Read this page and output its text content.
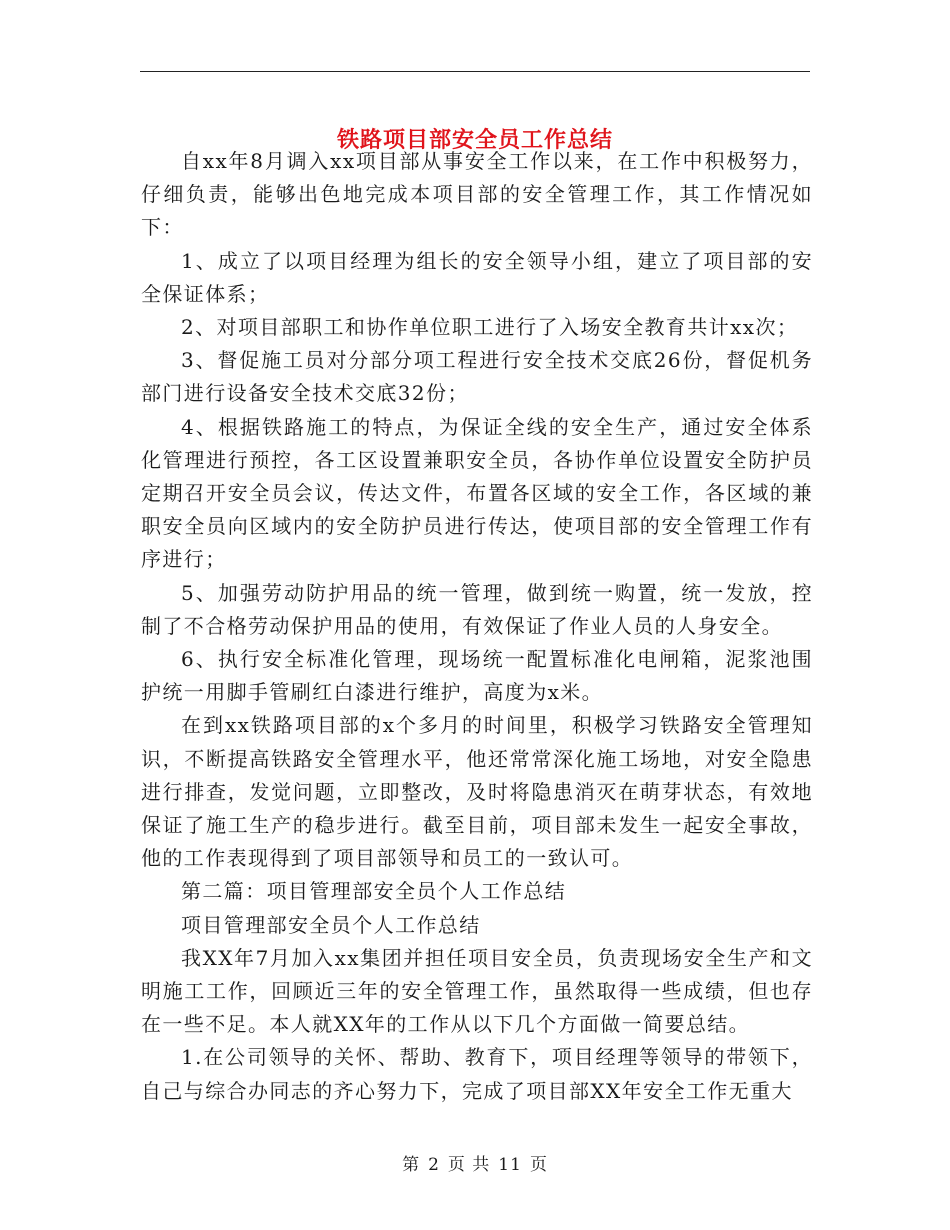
铁路项目部安全员工作总结

自xx年8月调入xx项目部从事安全工作以来，在工作中积极努力，仔细负责，能够出色地完成本项目部的安全管理工作，其工作情况如下：

1、成立了以项目经理为组长的安全领导小组，建立了项目部的安全保证体系；

2、对项目部职工和协作单位职工进行了入场安全教育共计xx次；

3、督促施工员对分部分项工程进行安全技术交底26份，督促机务部门进行设备安全技术交底32份；

4、根据铁路施工的特点，为保证全线的安全生产，通过安全体系化管理进行预控，各工区设置兼职安全员，各协作单位设置安全防护员定期召开安全员会议，传达文件，布置各区域的安全工作，各区域的兼职安全员向区域内的安全防护员进行传达，使项目部的安全管理工作有序进行；

5、加强劳动防护用品的统一管理，做到统一购置，统一发放，控制了不合格劳动保护用品的使用，有效保证了作业人员的人身安全。

6、执行安全标准化管理，现场统一配置标准化电闸箱，泥浆池围护统一用脚手管刷红白漆进行维护，高度为x米。

在到xx铁路项目部的x个多月的时间里，积极学习铁路安全管理知识，不断提高铁路安全管理水平，他还常常深化施工场地，对安全隐患进行排查，发觉问题，立即整改，及时将隐患消灭在萌芽状态，有效地保证了施工生产的稳步进行。截至目前，项目部未发生一起安全事故，他的工作表现得到了项目部领导和员工的一致认可。

第二篇：项目管理部安全员个人工作总结

项目管理部安全员个人工作总结

我XX年7月加入xx集团并担任项目安全员，负责现场安全生产和文明施工工作，回顾近三年的安全管理工作，虽然取得一些成绩，但也存在一些不足。本人就XX年的工作从以下几个方面做一简要总结。

1.在公司领导的关怀、帮助、教育下，项目经理等领导的带领下，自己与综合办同志的齐心努力下，完成了项目部XX年安全工作无重大

第 2 页 共 11 页
